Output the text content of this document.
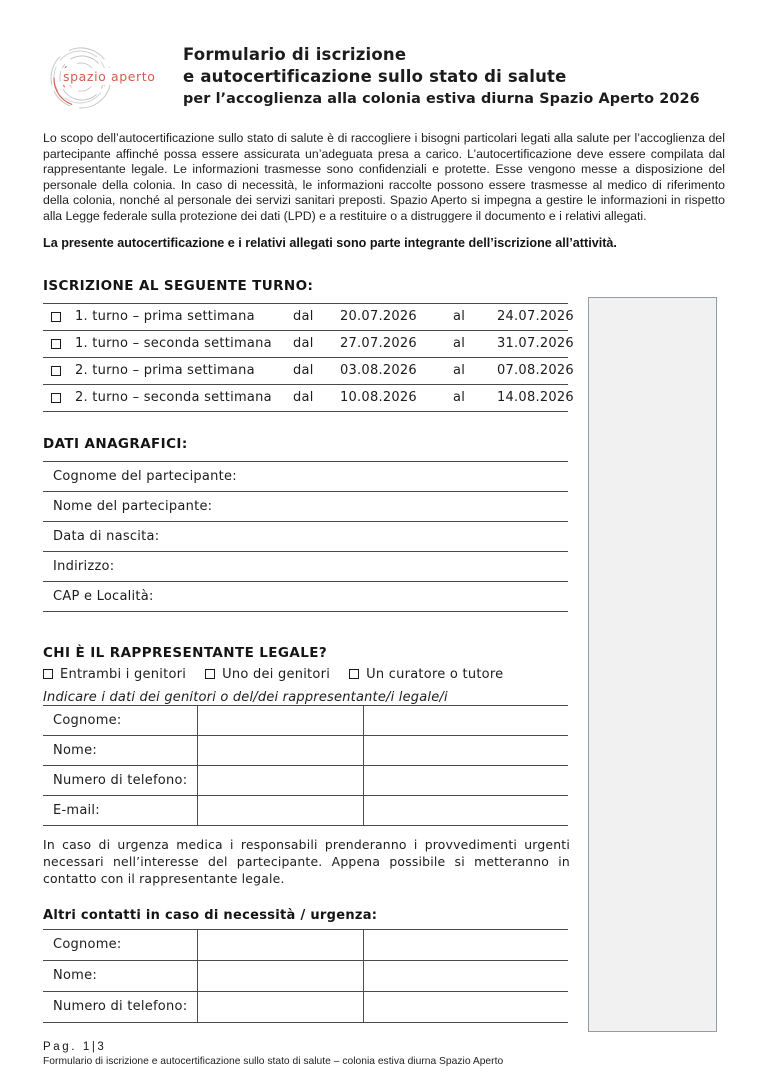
spazio aperto
Formulario di iscrizione
e autocertificazione sullo stato di salute
per l’accoglienza alla colonia estiva diurna Spazio Aperto 2026

Lo scopo dell’autocertificazione sullo stato di salute è di raccogliere i bisogni particolari legati alla salute per l’accoglienza del partecipante affinché possa essere assicurata un’adeguata presa a carico. L’autocertificazione deve essere compilata dal rappresentante legale. Le informazioni trasmesse sono confidenziali e protette. Esse vengono messe a disposizione del personale della colonia. In caso di necessità, le informazioni raccolte possono essere trasmesse al medico di riferimento della colonia, nonché al personale dei servizi sanitari preposti. Spazio Aperto si impegna a gestire le informazioni in rispetto alla Legge federale sulla protezione dei dati (LPD) e a restituire o a distruggere il documento e i relativi allegati.

La presente autocertificazione e i relativi allegati sono parte integrante dell’iscrizione all’attività.

ISCRIZIONE AL SEGUENTE TURNO:
1. turno – prima settimana	dal	20.07.2026	al	24.07.2026
1. turno – seconda settimana	dal	27.07.2026	al	31.07.2026
2. turno – prima settimana	dal	03.08.2026	al	07.08.2026
2. turno – seconda settimana	dal	10.08.2026	al	14.08.2026
DATI ANAGRAFICI:
Cognome del partecipante:
Nome del partecipante:
Data di nascita:
Indirizzo:
CAP e Località:
CHI È IL RAPPRESENTANTE LEGALE?
Entrambi i genitori	Uno dei genitori	Un curatore o tutore
Indicare i dati dei genitori o del/dei rappresentante/i legale/i
Cognome:
Nome:
Numero di telefono:
E-mail:

In caso di urgenza medica i responsabili prenderanno i provvedimenti urgenti necessari nell’interesse del partecipante. Appena possibile si metteranno in contatto con il rappresentante legale.

Altri contatti in caso di necessità / urgenza:
Cognome:
Nome:
Numero di telefono:
Pag. 1|3
Formulario di iscrizione e autocertificazione sullo stato di salute – colonia estiva diurna Spazio Aperto
